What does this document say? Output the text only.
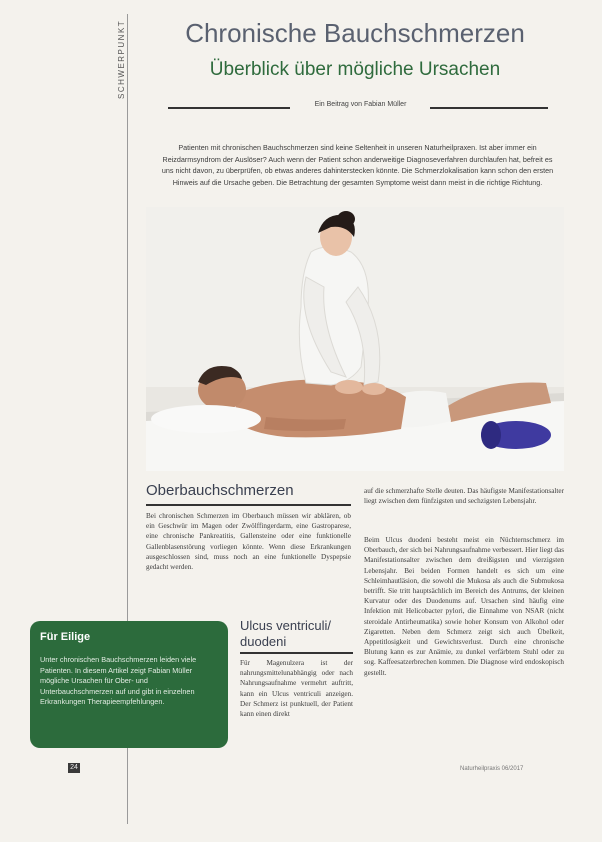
SCHWERPUNKT	Chronische Bauchschmerzen
Überblick über mögliche Ursachen
Ein Beitrag von Fabian Müller
Patienten mit chronischen Bauchschmerzen sind keine Seltenheit in unseren Naturheilpraxen. Ist aber immer ein Reizdarmsyndrom der Auslöser? Auch wenn der Patient schon anderweitige Diagnoseverfahren durchlaufen hat, befreit es uns nicht davon, zu überprüfen, ob etwas anderes dahinterstecken könnte. Die Schmerzlokalisation kann schon den ersten Hinweis auf die Ursache geben. Die Betrachtung der gesamten Symptome weist dann meist in die richtige Richtung.
Oberbauchschmerzen
Bei chronischen Schmerzen im Oberbauch müssen wir abklären, ob ein Geschwür im Magen oder Zwölffingerdarm, eine Gastroparese, eine chronische Pankreatitis, Gallensteine oder eine funktionelle Gallenblasenstörung vorliegen könnte. Wenn diese Erkrankungen ausgeschlossen sind, muss noch an eine funktionelle Dyspepsie gedacht werden.
Ulcus ventriculi/ duodeni
Für Magenulzera ist der nahrungsmittelunabhängig oder nach Nahrungsaufnahme vermehrt auftritt, kann ein Ulcus ventriculi anzeigen. Der Schmerz ist punktuell, der Patient kann einen direkt
auf die schmerzhafte Stelle deuten. Das häufigste Manifestationsalter liegt zwischen dem fünfzigsten und sechzigsten Lebensjahr.
Beim Ulcus duodeni besteht meist ein Nüchternschmerz im Oberbauch, der sich bei Nahrungsaufnahme verbessert. Hier liegt das Manifestationsalter zwischen dem dreißigsten und vierzigsten Lebensjahr. Bei beiden Formen handelt es sich um eine Schleimhautläsion, die sowohl die Mukosa als auch die Submukosa betrifft. Sie tritt hauptsächlich im Bereich des Antrums, der kleinen Kurvatur oder des Duodenums auf. Ursachen sind häufig eine Infektion mit Helicobacter pylori, die Einnahme von NSAR (nicht steroidale Antirheumatika) sowie hoher Konsum von Alkohol oder Zigaretten. Neben dem Schmerz zeigt sich auch Übelkeit, Appetitlosigkeit und Gewichtsverlust. Durch eine chronische Blutung kann es zur Anämie, zu dunkel verfärbtem Stuhl oder zu sog. Kaffeesatzerbrechen kommen. Die Diagnose wird endoskopisch gestellt.
Für Eilige
Unter chronischen Bauchschmerzen leiden viele Patienten. In diesem Artikel zeigt Fabian Müller mögliche Ursachen für Ober- und Unterbauchschmerzen auf und gibt in einzelnen Erkrankungen Therapieempfehlungen.
24	Naturheilpraxis 06/2017
